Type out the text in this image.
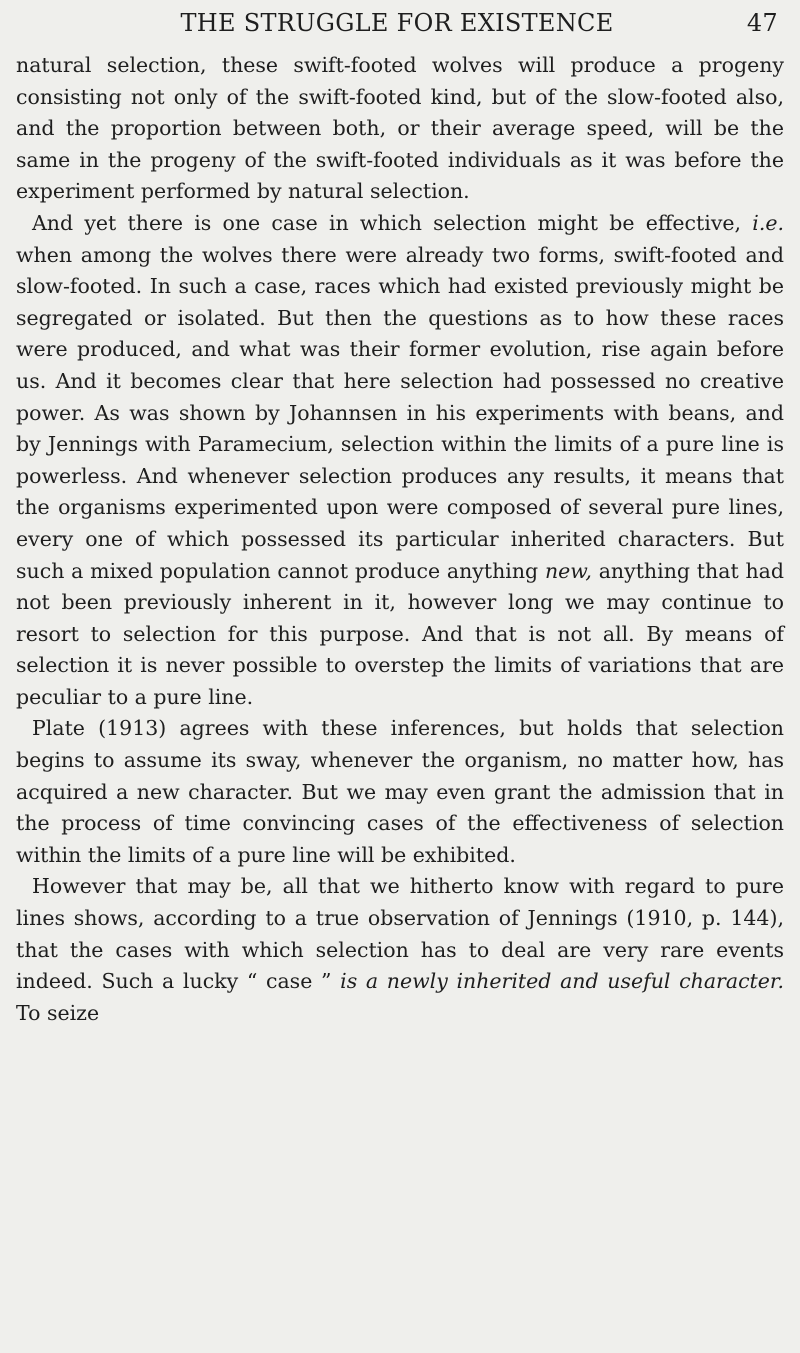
THE STRUGGLE FOR EXISTENCE	47

natural selection, these swift-footed wolves will produce a progeny consisting not only of the swift-footed kind, but of the slow-footed also, and the proportion between both, or their average speed, will be the same in the progeny of the swift-footed individuals as it was before the experiment performed by natural selection.

And yet there is one case in which selection might be effective, i.e. when among the wolves there were already two forms, swift-footed and slow-footed. In such a case, races which had existed previously might be segregated or isolated. But then the questions as to how these races were produced, and what was their former evolution, rise again before us. And it becomes clear that here selection had possessed no creative power. As was shown by Johannsen in his experiments with beans, and by Jennings with Paramecium, selection within the limits of a pure line is powerless. And whenever selection produces any results, it means that the organisms experimented upon were composed of several pure lines, every one of which possessed its particular inherited characters. But such a mixed population cannot produce anything new, anything that had not been previously inherent in it, however long we may continue to resort to selection for this purpose. And that is not all. By means of selection it is never possible to overstep the limits of variations that are peculiar to a pure line.

Plate (1913) agrees with these inferences, but holds that selection begins to assume its sway, whenever the organism, no matter how, has acquired a new character. But we may even grant the admission that in the process of time convincing cases of the effectiveness of selection within the limits of a pure line will be exhibited.

However that may be, all that we hitherto know with regard to pure lines shows, according to a true observation of Jennings (1910, p. 144), that the cases with which selection has to deal are very rare events indeed. Such a lucky “ case ” is a newly inherited and useful character. To seize
